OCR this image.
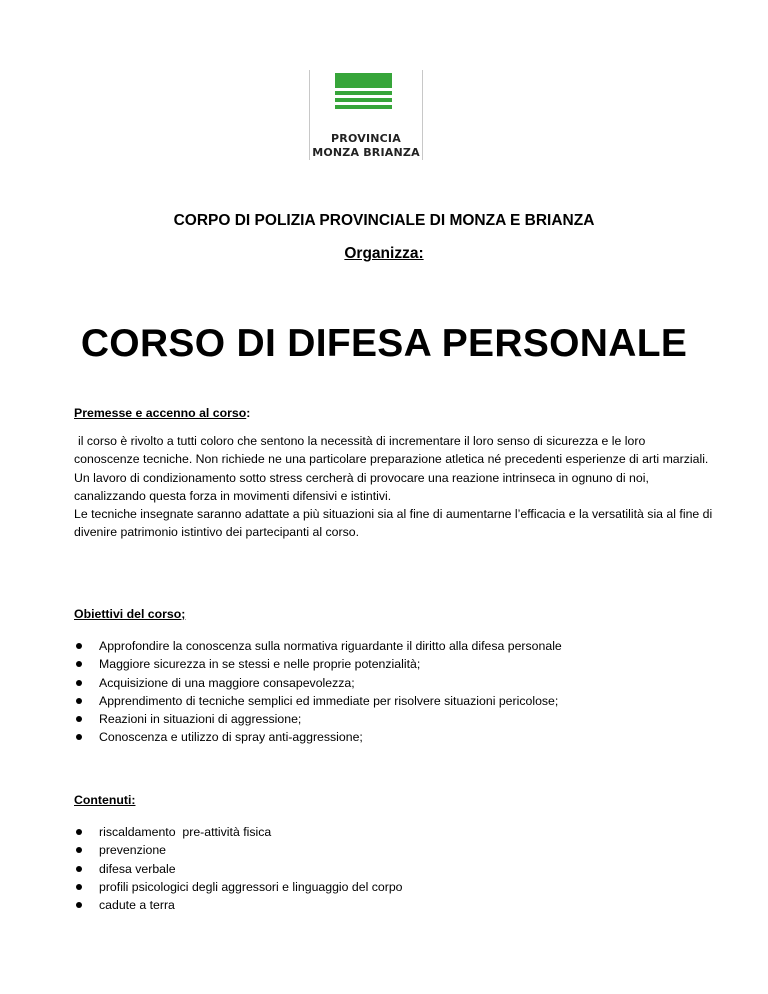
PROVINCIA
MONZA BRIANZA
CORPO DI POLIZIA PROVINCIALE DI MONZA E BRIANZA
Organizza:
CORSO DI DIFESA PERSONALE
Premesse e accenno al corso:

il corso è rivolto a tutti coloro che sentono la necessità di incrementare il loro senso di sicurezza e le loro conoscenze tecniche. Non richiede ne una particolare preparazione atletica né precedenti esperienze di arti marziali.

Un lavoro di condizionamento sotto stress cercherà di provocare una reazione intrinseca in ognuno di noi, canalizzando questa forza in movimenti difensivi e istintivi.

Le tecniche insegnate saranno adattate a più situazioni sia al fine di aumentarne l’efficacia e la versatilità sia al fine di divenire patrimonio istintivo dei partecipanti al corso.

Obiettivi del corso;
Approfondire la conoscenza sulla normativa riguardante il diritto alla difesa personale
Maggiore sicurezza in se stessi e nelle proprie potenzialità;
Acquisizione di una maggiore consapevolezza;
Apprendimento di tecniche semplici ed immediate per risolvere situazioni pericolose;
Reazioni in situazioni di aggressione;
Conoscenza e utilizzo di spray anti-aggressione;
Contenuti:
riscaldamento  pre-attività fisica
prevenzione
difesa verbale
profili psicologici degli aggressori e linguaggio del corpo
cadute a terra
